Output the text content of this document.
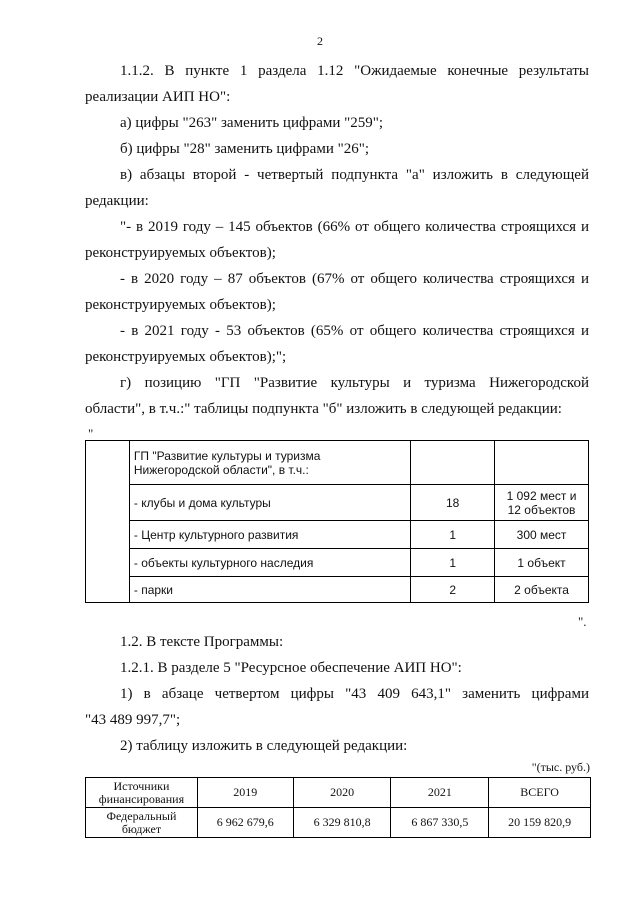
2
1.1.2. В пункте 1 раздела 1.12 "Ожидаемые конечные результаты
реализации АИП НО":
а) цифры "263" заменить цифрами "259";
б) цифры "28" заменить цифрами "26";
в) абзацы второй - четвертый подпункта "а" изложить в следующей
редакции:
"- в 2019 году – 145 объектов (66% от общего количества строящихся и
реконструируемых объектов);
- в 2020 году – 87 объектов (67% от общего количества строящихся и
реконструируемых объектов);
- в 2021 году - 53 объектов (65% от общего количества строящихся и
реконструируемых объектов);";
г) позицию "ГП "Развитие культуры и туризма Нижегородской
области", в т.ч.:" таблицы подпункта "б" изложить в следующей редакции:
"
	ГП "Развитие культуры и туризма Нижегородской области", в т.ч.:		
	- клубы и дома культуры	18	1 092 мест и 12 объектов
	- Центр культурного развития	1	300 мест
	- объекты культурного наследия	1	1 объект
	- парки	2	2 объекта
".
1.2. В тексте Программы:
1.2.1. В разделе 5 "Ресурсное обеспечение АИП НО":
1) в абзаце четвертом цифры "43 409 643,1" заменить цифрами
"43 489 997,7";
2) таблицу изложить в следующей редакции:
"(тыс. руб.)
Источники финансирования	2019	2020	2021	ВСЕГО
Федеральный бюджет	6 962 679,6	6 329 810,8	6 867 330,5	20 159 820,9
